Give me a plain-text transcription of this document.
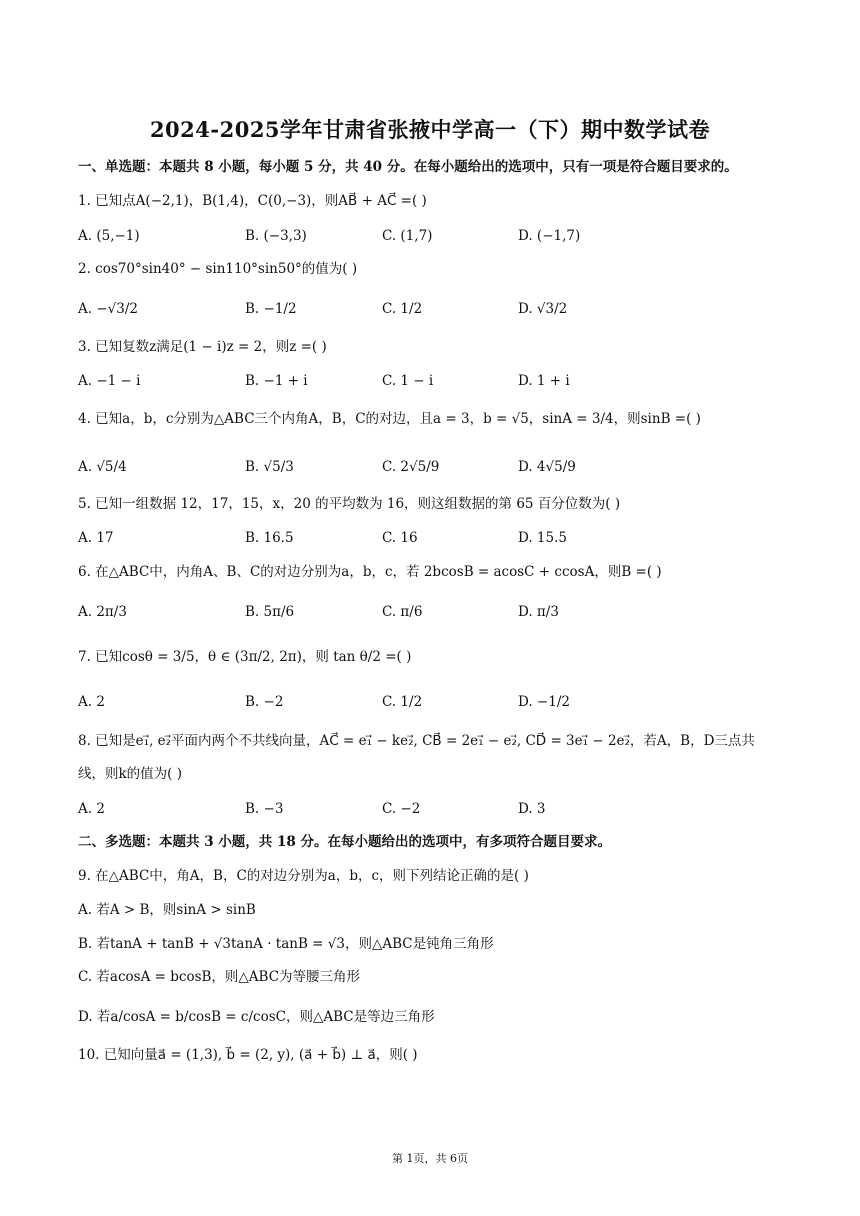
2024-2025学年甘肃省张掖中学高一（下）期中数学试卷
一、单选题：本题共 8 小题，每小题 5 分，共 40 分。在每小题给出的选项中，只有一项是符合题目要求的。
1. 已知点A(−2,1)，B(1,4)，C(0,−3)，则AB⃗ + AC⃗ =( )
A. (5,−1)	B. (−3,3)	C. (1,7)	D. (−1,7)
2. cos70°sin40° − sin110°sin50°的值为( )
A. −√3/2	B. −1/2	C. 1/2	D. √3/2
3. 已知复数z满足(1 − i)z = 2，则z =( )
A. −1 − i	B. −1 + i	C. 1 − i	D. 1 + i
4. 已知a，b，c分别为△ABC三个内角A，B，C的对边，且a = 3，b = √5，sinA = 3/4，则sinB =( )
A. √5/4	B. √5/3	C. 2√5/9	D. 4√5/9
5. 已知一组数据 12，17，15，x，20 的平均数为 16，则这组数据的第 65 百分位数为( )
A. 17	B. 16.5	C. 16	D. 15.5
6. 在△ABC中，内角A、B、C的对边分别为a，b，c，若 2bcosB = acosC + ccosA，则B =( )
A. 2π/3	B. 5π/6	C. π/6	D. π/3
7. 已知cosθ = 3/5，θ ∈ (3π/2, 2π)，则 tan θ/2 =( )
A. 2	B. −2	C. 1/2	D. −1/2
8. 已知是e₁⃗, e₂⃗平面内两个不共线向量，AC⃗ = e₁⃗ − ke₂⃗, CB⃗ = 2e₁⃗ − e₂⃗, CD⃗ = 3e₁⃗ − 2e₂⃗，若A，B，D三点共
线，则k的值为( )
A. 2	B. −3	C. −2	D. 3
二、多选题：本题共 3 小题，共 18 分。在每小题给出的选项中，有多项符合题目要求。
9. 在△ABC中，角A，B，C的对边分别为a，b，c，则下列结论正确的是( )
A. 若A > B，则sinA > sinB
B. 若tanA + tanB + √3tanA · tanB = √3，则△ABC是钝角三角形
C. 若acosA = bcosB，则△ABC为等腰三角形
D. 若a/cosA = b/cosB = c/cosC，则△ABC是等边三角形
10. 已知向量a⃗ = (1,3), b⃗ = (2, y), (a⃗ + b⃗) ⊥ a⃗，则( )
第 1页，共 6页
